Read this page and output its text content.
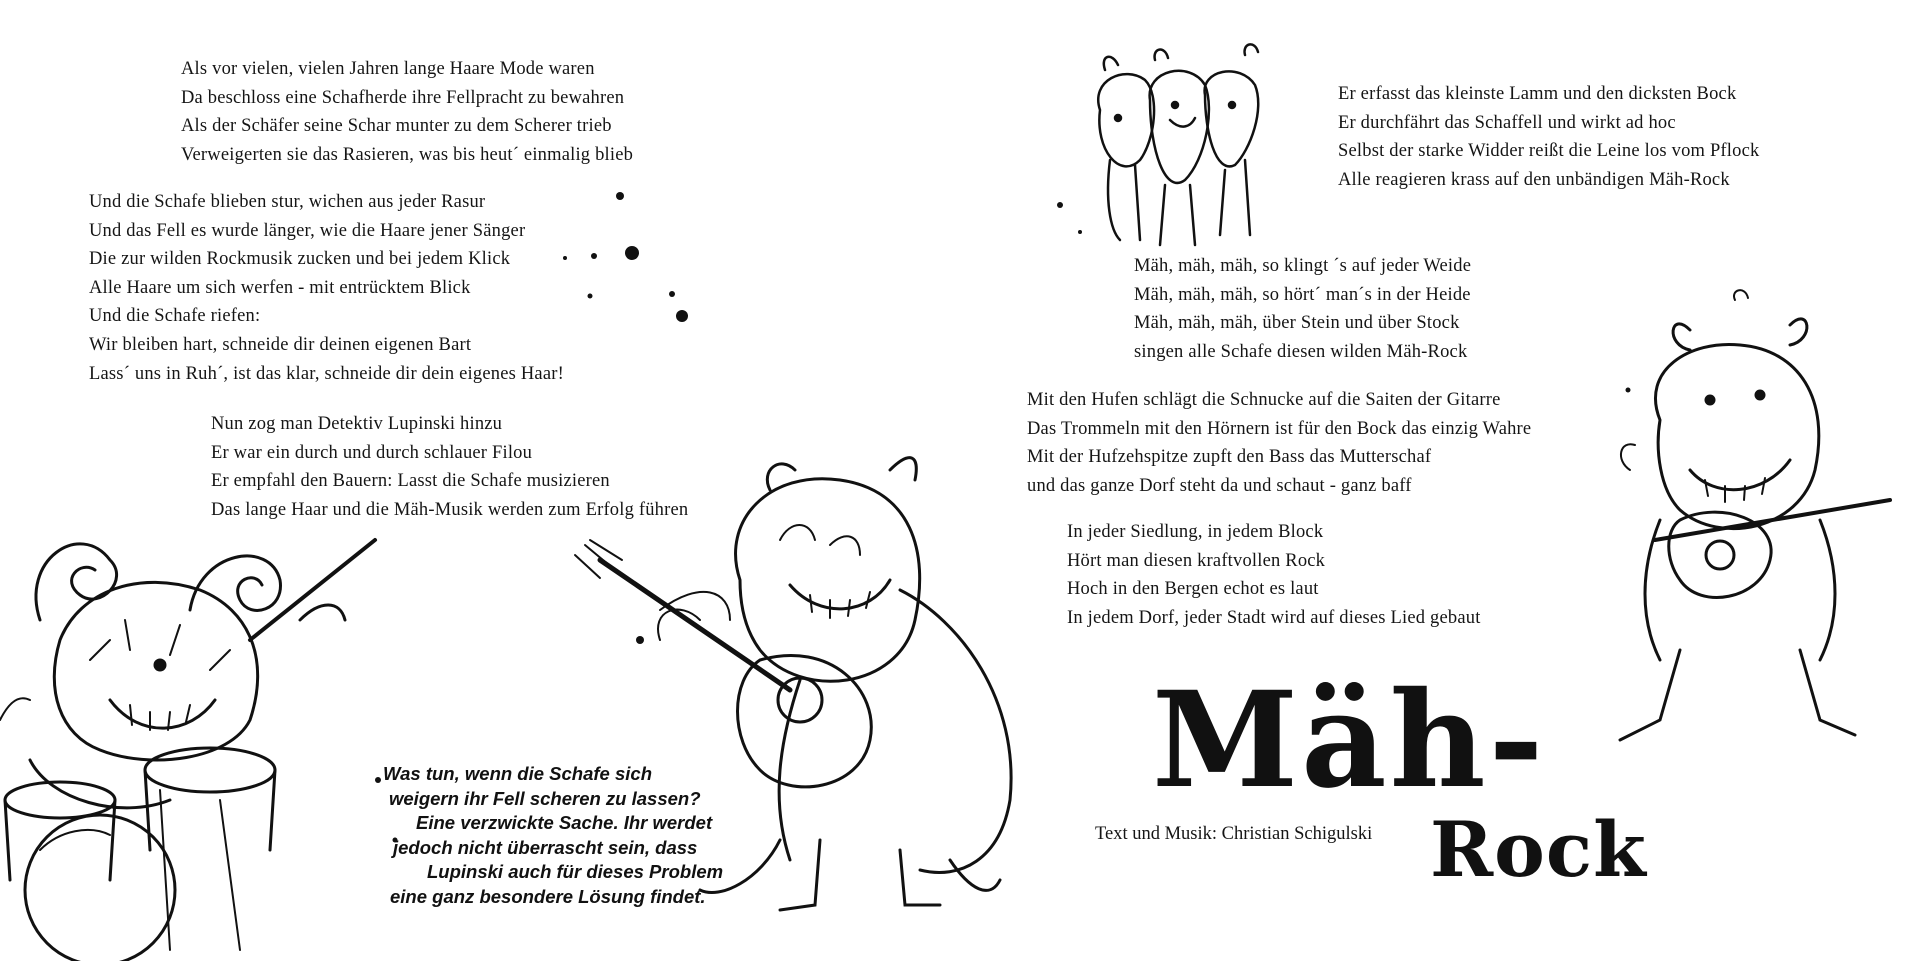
Als vor vielen, vielen Jahren lange Haare Mode waren
Da beschloss eine Schafherde ihre Fellpracht zu bewahren
Als der Schäfer seine Schar munter zu dem Scherer trieb
Verweigerten sie das Rasieren, was bis heut´ einmalig blieb
Und die Schafe blieben stur, wichen aus jeder Rasur
Und das Fell es wurde länger, wie die Haare jener Sänger
Die zur wilden Rockmusik zucken und bei jedem Klick
Alle Haare um sich werfen - mit entrücktem Blick
Und die Schafe riefen:
Wir bleiben hart, schneide dir deinen eigenen Bart
Lass´ uns in Ruh´, ist das klar, schneide dir dein eigenes Haar!
Nun zog man Detektiv Lupinski hinzu
Er war ein durch und durch schlauer Filou
Er empfahl den Bauern: Lasst die Schafe musizieren
Das lange Haar und die Mäh-Musik werden zum Erfolg führen
Was tun, wenn die Schafe sich
weigern ihr Fell scheren zu lassen?
Eine verzwickte Sache. Ihr werdet
jedoch nicht überrascht sein, dass
Lupinski auch für dieses Problem
eine ganz besondere Lösung findet.
Er erfasst das kleinste Lamm und den dicksten Bock
Er durchfährt das Schaffell und wirkt ad hoc
Selbst der starke Widder reißt die Leine los vom Pflock
Alle reagieren krass auf den unbändigen Mäh-Rock
Mäh, mäh, mäh, so klingt ´s auf jeder Weide
Mäh, mäh, mäh, so hört´ man´s in der Heide
Mäh, mäh, mäh, über Stein und über Stock
singen alle Schafe diesen wilden Mäh-Rock
Mit den Hufen schlägt die Schnucke auf die Saiten der Gitarre
Das Trommeln mit den Hörnern ist für den Bock das einzig Wahre
Mit der Hufzehspitze zupft den Bass das Mutterschaf
und das ganze Dorf steht da und schaut - ganz baff
In jeder Siedlung, in jedem Block
Hört man diesen kraftvollen Rock
Hoch in den Bergen echot es laut
In jedem Dorf, jeder Stadt wird auf dieses Lied gebaut
Mäh-
Rock
Text und Musik: Christian Schigulski
